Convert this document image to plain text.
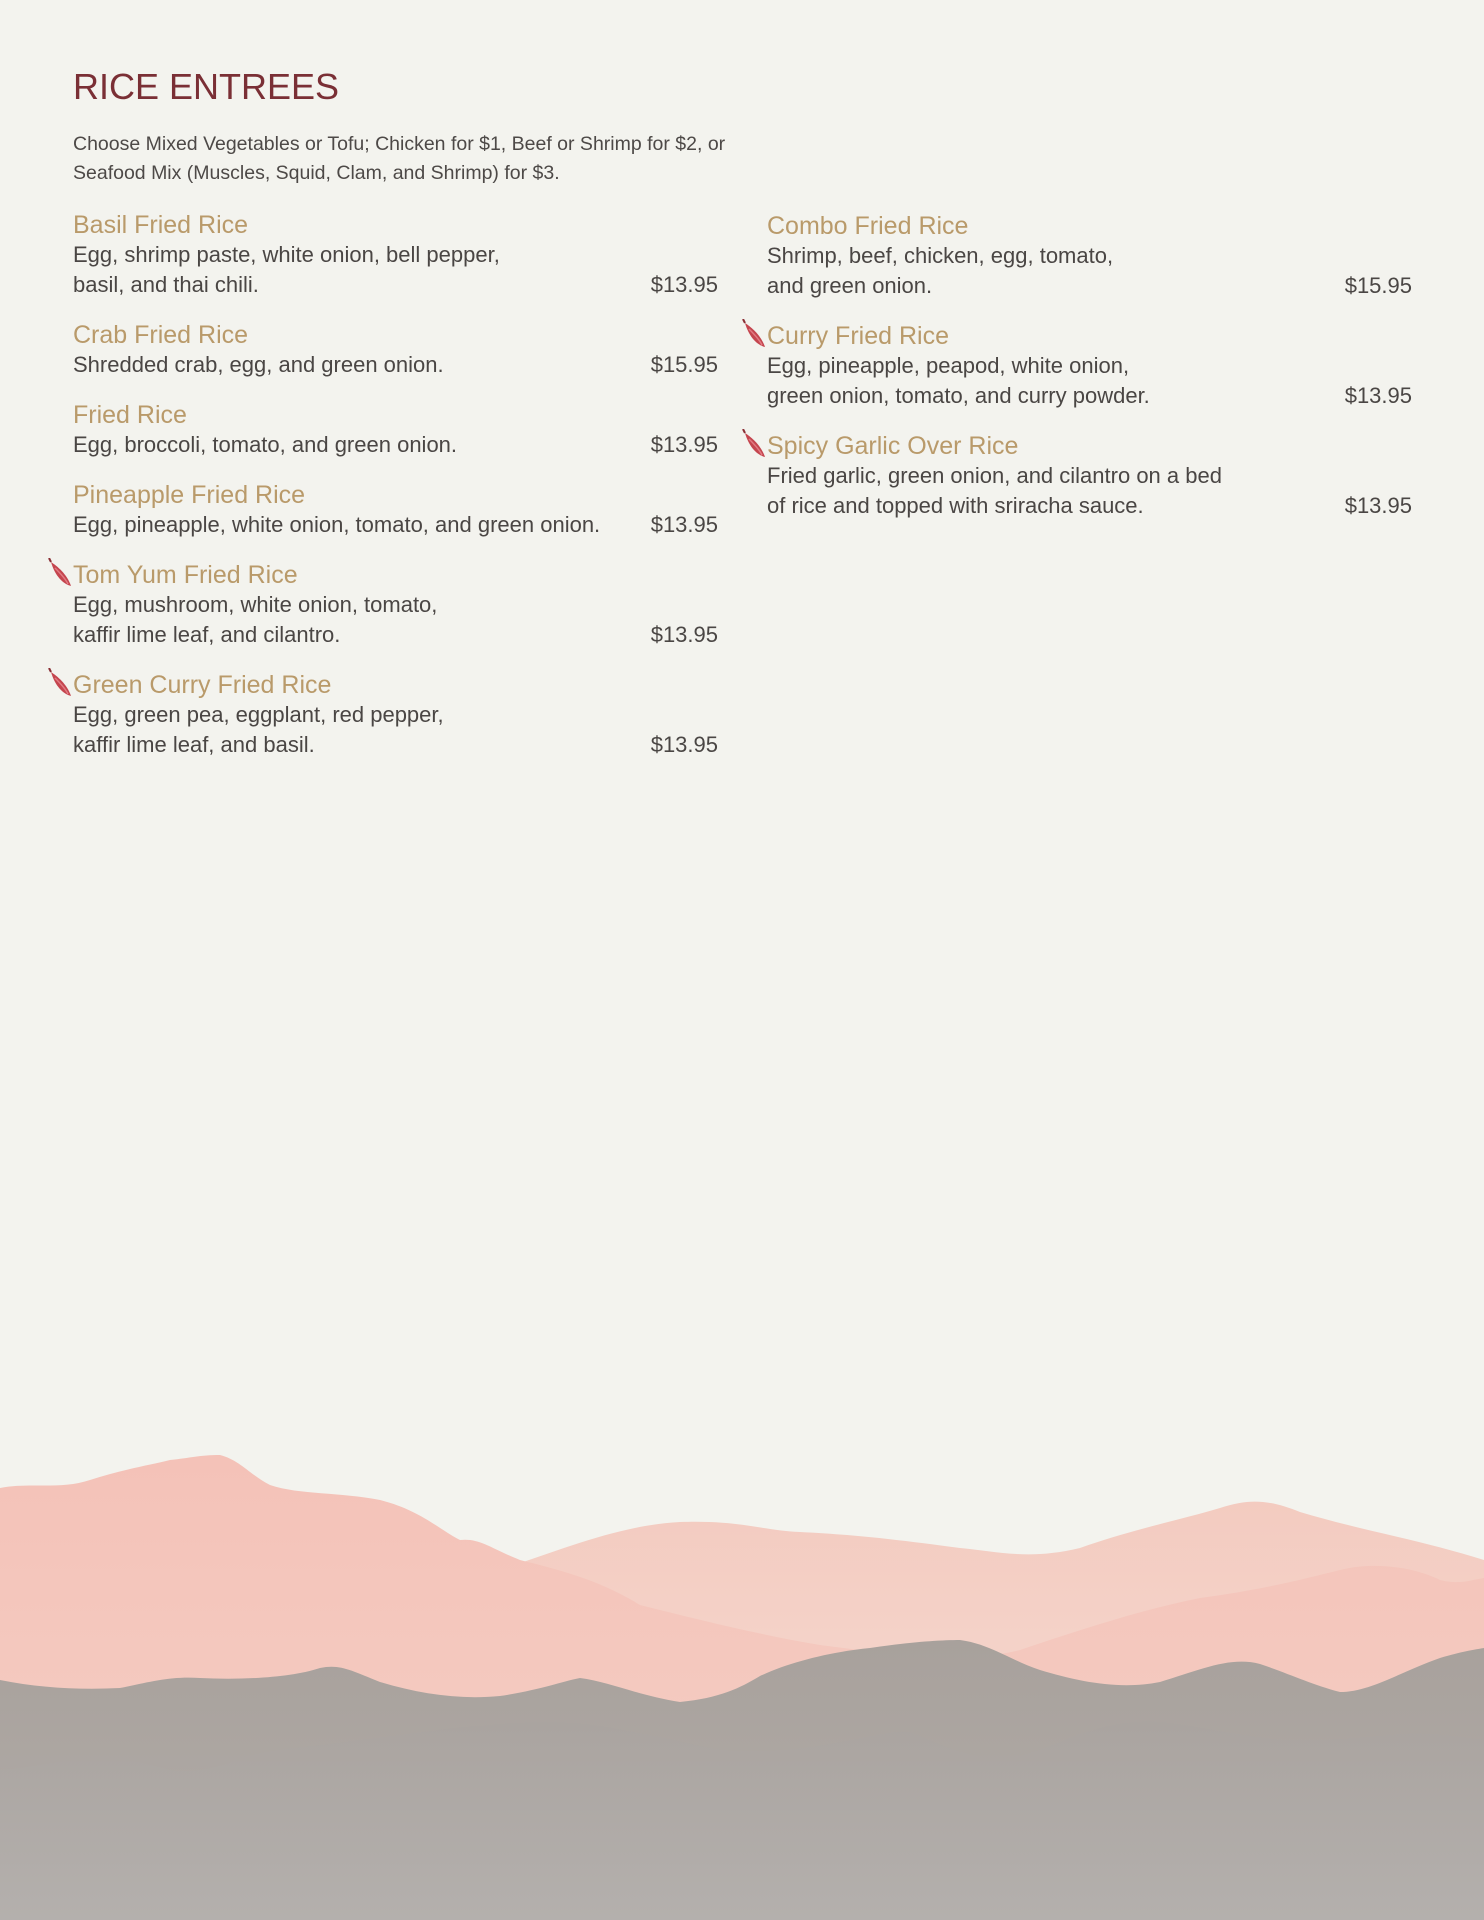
RICE ENTREES
Choose Mixed Vegetables or Tofu; Chicken for $1, Beef or Shrimp for $2, or Seafood Mix (Muscles, Squid, Clam, and Shrimp) for $3.
Basil Fried Rice
Egg, shrimp paste, white onion, bell pepper,
basil, and thai chili.	$13.95
Crab Fried Rice
Shredded crab, egg, and green onion.	$15.95
Fried Rice
Egg, broccoli, tomato, and green onion.	$13.95
Pineapple Fried Rice
Egg, pineapple, white onion, tomato, and green onion.	$13.95
Tom Yum Fried Rice
Egg, mushroom, white onion, tomato,
kaffir lime leaf, and cilantro.	$13.95
Green Curry Fried Rice
Egg, green pea, eggplant, red pepper,
kaffir lime leaf, and basil.	$13.95
Combo Fried Rice
Shrimp, beef, chicken, egg, tomato,
and green onion.	$15.95
Curry Fried Rice
Egg, pineapple, peapod, white onion,
green onion, tomato, and curry powder.	$13.95
Spicy Garlic Over Rice
Fried garlic, green onion, and cilantro on a bed
of rice and topped with sriracha sauce.	$13.95
